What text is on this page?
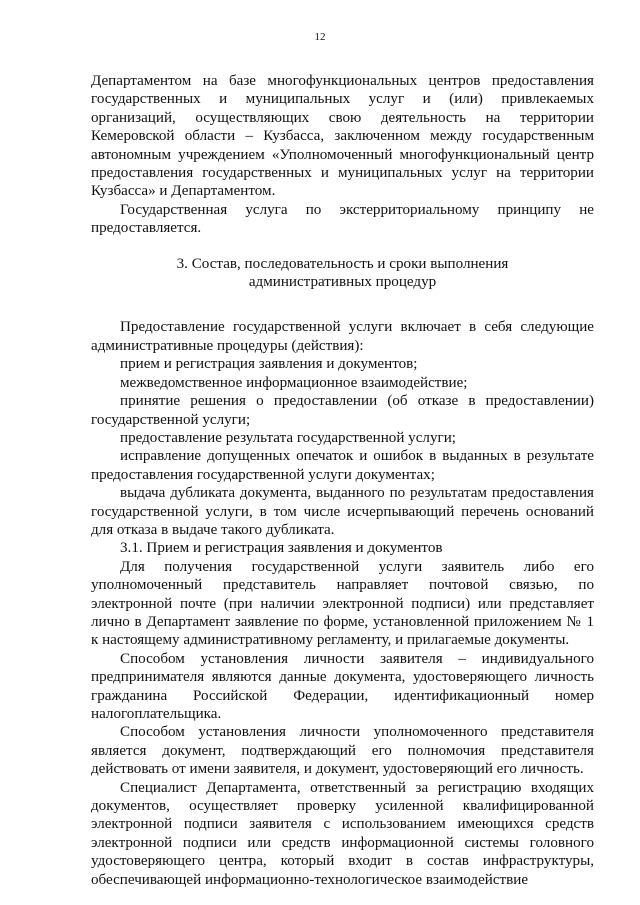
12

Департаментом на базе многофункциональных центров предоставления государственных и муниципальных услуг и (или) привлекаемых организаций, осуществляющих свою деятельность на территории Кемеровской области – Кузбасса, заключенном между государственным автономным учреждением «Уполномоченный многофункциональный центр предоставления государственных и муниципальных услуг на территории Кузбасса» и Департаментом.

Государственная услуга по экстерриториальному принципу не предоставляется.

3. Состав, последовательность и сроки выполнения
административных процедур

Предоставление государственной услуги включает в себя следующие административные процедуры (действия):

прием и регистрация заявления и документов;

межведомственное информационное взаимодействие;

принятие решения о предоставлении (об отказе в предоставлении) государственной услуги;

предоставление результата государственной услуги;

исправление допущенных опечаток и ошибок в выданных в результате предоставления государственной услуги документах;

выдача дубликата документа, выданного по результатам предоставления государственной услуги, в том числе исчерпывающий перечень оснований для отказа в выдаче такого дубликата.

3.1. Прием и регистрация заявления и документов

Для получения государственной услуги заявитель либо его уполномоченный представитель направляет почтовой связью, по электронной почте (при наличии электронной подписи) или представляет лично в Департамент заявление по форме, установленной приложением № 1 к настоящему административному регламенту, и прилагаемые документы.

Способом установления личности заявителя – индивидуального предпринимателя являются данные документа, удостоверяющего личность гражданина Российской Федерации, идентификационный номер налогоплательщика.

Способом установления личности уполномоченного представителя является документ, подтверждающий его полномочия представителя действовать от имени заявителя, и документ, удостоверяющий его личность.

Специалист Департамента, ответственный за регистрацию входящих документов, осуществляет проверку усиленной квалифицированной электронной подписи заявителя с использованием имеющихся средств электронной подписи или средств информационной системы головного удостоверяющего центра, который входит в состав инфраструктуры, обеспечивающей информационно-технологическое взаимодействие
